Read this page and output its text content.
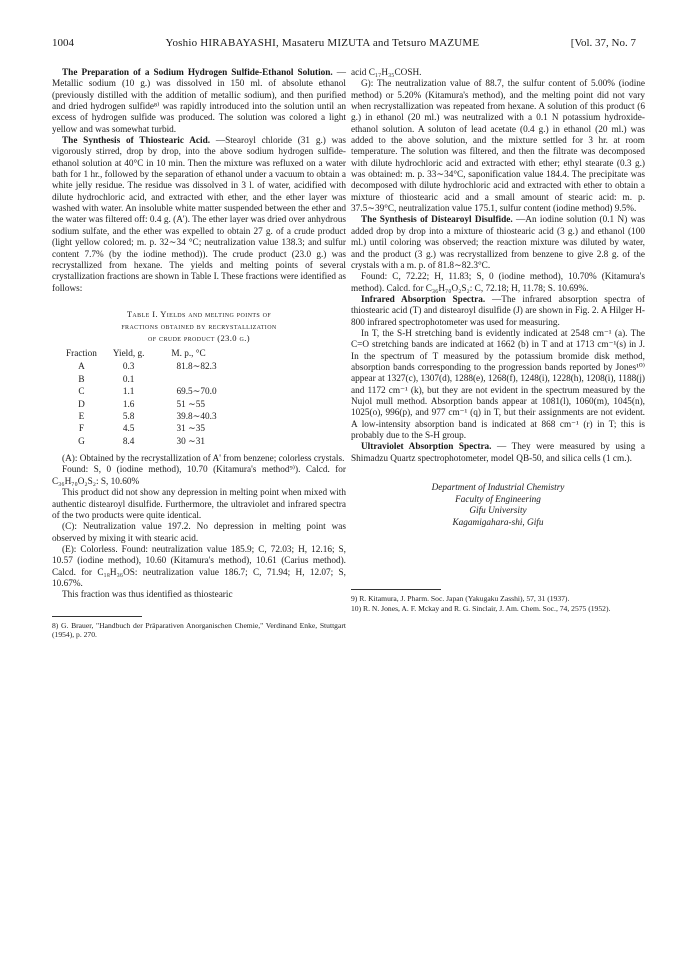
1004	Yoshio HIRABAYASHI, Masateru MIZUTA and Tetsuro MAZUME	[Vol. 37, No. 7

The Preparation of a Sodium Hydrogen Sulfide-Ethanol Solution. — Metallic sodium (10 g.) was dissolved in 150 ml. of absolute ethanol (previously distilled with the addition of metallic sodium), and then purified and dried hydrogen sulfide⁸⁾ was rapidly introduced into the solution until an excess of hydrogen sulfide was produced. The solution was colored a light yellow and was somewhat turbid.

The Synthesis of Thiostearic Acid. —Stearoyl chloride (31 g.) was vigorously stirred, drop by drop, into the above sodium hydrogen sulfide-ethanol solution at 40°C in 10 min. Then the mixture was refluxed on a water bath for 1 hr., followed by the separation of ethanol under a vacuum to obtain a white jelly residue. The residue was dissolved in 3 l. of water, acidified with dilute hydrochloric acid, and extracted with ether, and the ether layer was washed with water. An insoluble white matter suspended between the ether and the water was filtered off: 0.4 g. (A'). The ether layer was dried over anhydrous sodium sulfate, and the ether was expelled to obtain 27 g. of a crude product (light yellow colored; m. p. 32∼34 °C; neutralization value 138.3; and sulfur content 7.7% (by the iodine method)). The crude product (23.0 g.) was recrystallized from hexane. The yields and melting points of several crystallization fractions are shown in Table I. These fractions were identified as follows:

Table I. Yields and melting points of
fractions obtained by recrystallization
of crude product (23.0 g.)
Fraction	Yield, g.	M. p., °C
A	0.3	81.8∼82.3
B	0.1	
C	1.1	69.5∼70.0
D	1.6	51 ∼55
E	5.8	39.8∼40.3
F	4.5	31 ∼35
G	8.4	30 ∼31

(A): Obtained by the recrystallization of A' from benzene; colorless crystals.

Found: S, 0 (iodine method), 10.70 (Kitamura's method⁹⁾). Calcd. for C₃₆H₇₀O₂S₂: S, 10.60%

This product did not show any depression in melting point when mixed with authentic distearoyl disulfide. Furthermore, the ultraviolet and infrared spectra of the two products were quite identical.

(C): Neutralization value 197.2. No depression in melting point was observed by mixing it with stearic acid.

(E): Colorless. Found: neutralization value 185.9; C, 72.03; H, 12.16; S, 10.57 (iodine method), 10.60 (Kitamura's method), 10.61 (Carius method). Calcd. for C₁₈H₃₆OS: neutralization value 186.7; C, 71.94; H, 12.07; S, 10.67%.

This fraction was thus identified as thiostearic

8) G. Brauer, "Handbuch der Präparativen Anorganischen Chemie," Verdinand Enke, Stuttgart (1954), p. 270.

acid C₁₇H₃₅COSH.

G): The neutralization value of 88.7, the sulfur content of 5.00% (iodine method) or 5.20% (Kitamura's method), and the melting point did not vary when recrystallization was repeated from hexane. A solution of this product (6 g.) in ethanol (20 ml.) was neutralized with a 0.1 N potassium hydroxide-ethanol solution. A soluton of lead acetate (0.4 g.) in ethanol (20 ml.) was added to the above solution, and the mixture settled for 3 hr. at room temperature. The solution was filtered, and then the filtrate was decomposed with dilute hydrochloric acid and extracted with ether; ethyl stearate (0.3 g.) was obtained: m. p. 33∼34°C, saponification value 184.4. The precipitate was decomposed with dilute hydrochloric acid and extracted with ether to obtain a mixture of thiostearic acid and a small amount of stearic acid: m. p. 37.5∼39°C, neutralization value 175.1, sulfur content (iodine method) 9.5%.

The Synthesis of Distearoyl Disulfide. —An iodine solution (0.1 N) was added drop by drop into a mixture of thiostearic acid (3 g.) and ethanol (100 ml.) until coloring was observed; the reaction mixture was diluted by water, and the product (3 g.) was recrystallized from benzene to give 2.8 g. of the crystals with a m. p. of 81.8∼82.3°C.

Found: C, 72.22; H, 11.83; S, 0 (iodine method), 10.70% (Kitamura's method). Calcd. for C₃₆H₇₀O₂S₂: C, 72.18; H, 11.78; S. 10.69%.

Infrared Absorption Spectra. —The infrared absorption spectra of thiostearic acid (T) and distearoyl disulfide (J) are shown in Fig. 2. A Hilger H-800 infrared spectrophotometer was used for measuring.

In T, the S-H stretching band is evidently indicated at 2548 cm⁻¹ (a). The C=O stretching bands are indicated at 1662 (b) in T and at 1713 cm⁻¹(s) in J. In the spectrum of T measured by the potassium bromide disk method, absorption bands corresponding to the progression bands reported by Jones¹⁰⁾ appear at 1327(c), 1307(d), 1288(e), 1268(f), 1248(i), 1228(h), 1208(i), 1188(j) and 1172 cm⁻¹ (k), but they are not evident in the spectrum measured by the Nujol mull method. Absorption bands appear at 1081(l), 1060(m), 1045(n), 1025(o), 996(p), and 977 cm⁻¹ (q) in T, but their assignments are not evident. A low-intensity absorption band is indicated at 868 cm⁻¹ (r) in T; this is probably due to the S-H group.

Ultraviolet Absorption Spectra. — They were measured by using a Shimadzu Quartz spectrophotometer, model QB-50, and silica cells (1 cm.).

Department of Industrial Chemistry
Faculty of Engineering
Gifu University
Kagamigahara-shi, Gifu

9) R. Kitamura, J. Pharm. Soc. Japan (Yakugaku Zasshi), 57, 31 (1937).

10) R. N. Jones, A. F. Mckay and R. G. Sinclair, J. Am. Chem. Soc., 74, 2575 (1952).
